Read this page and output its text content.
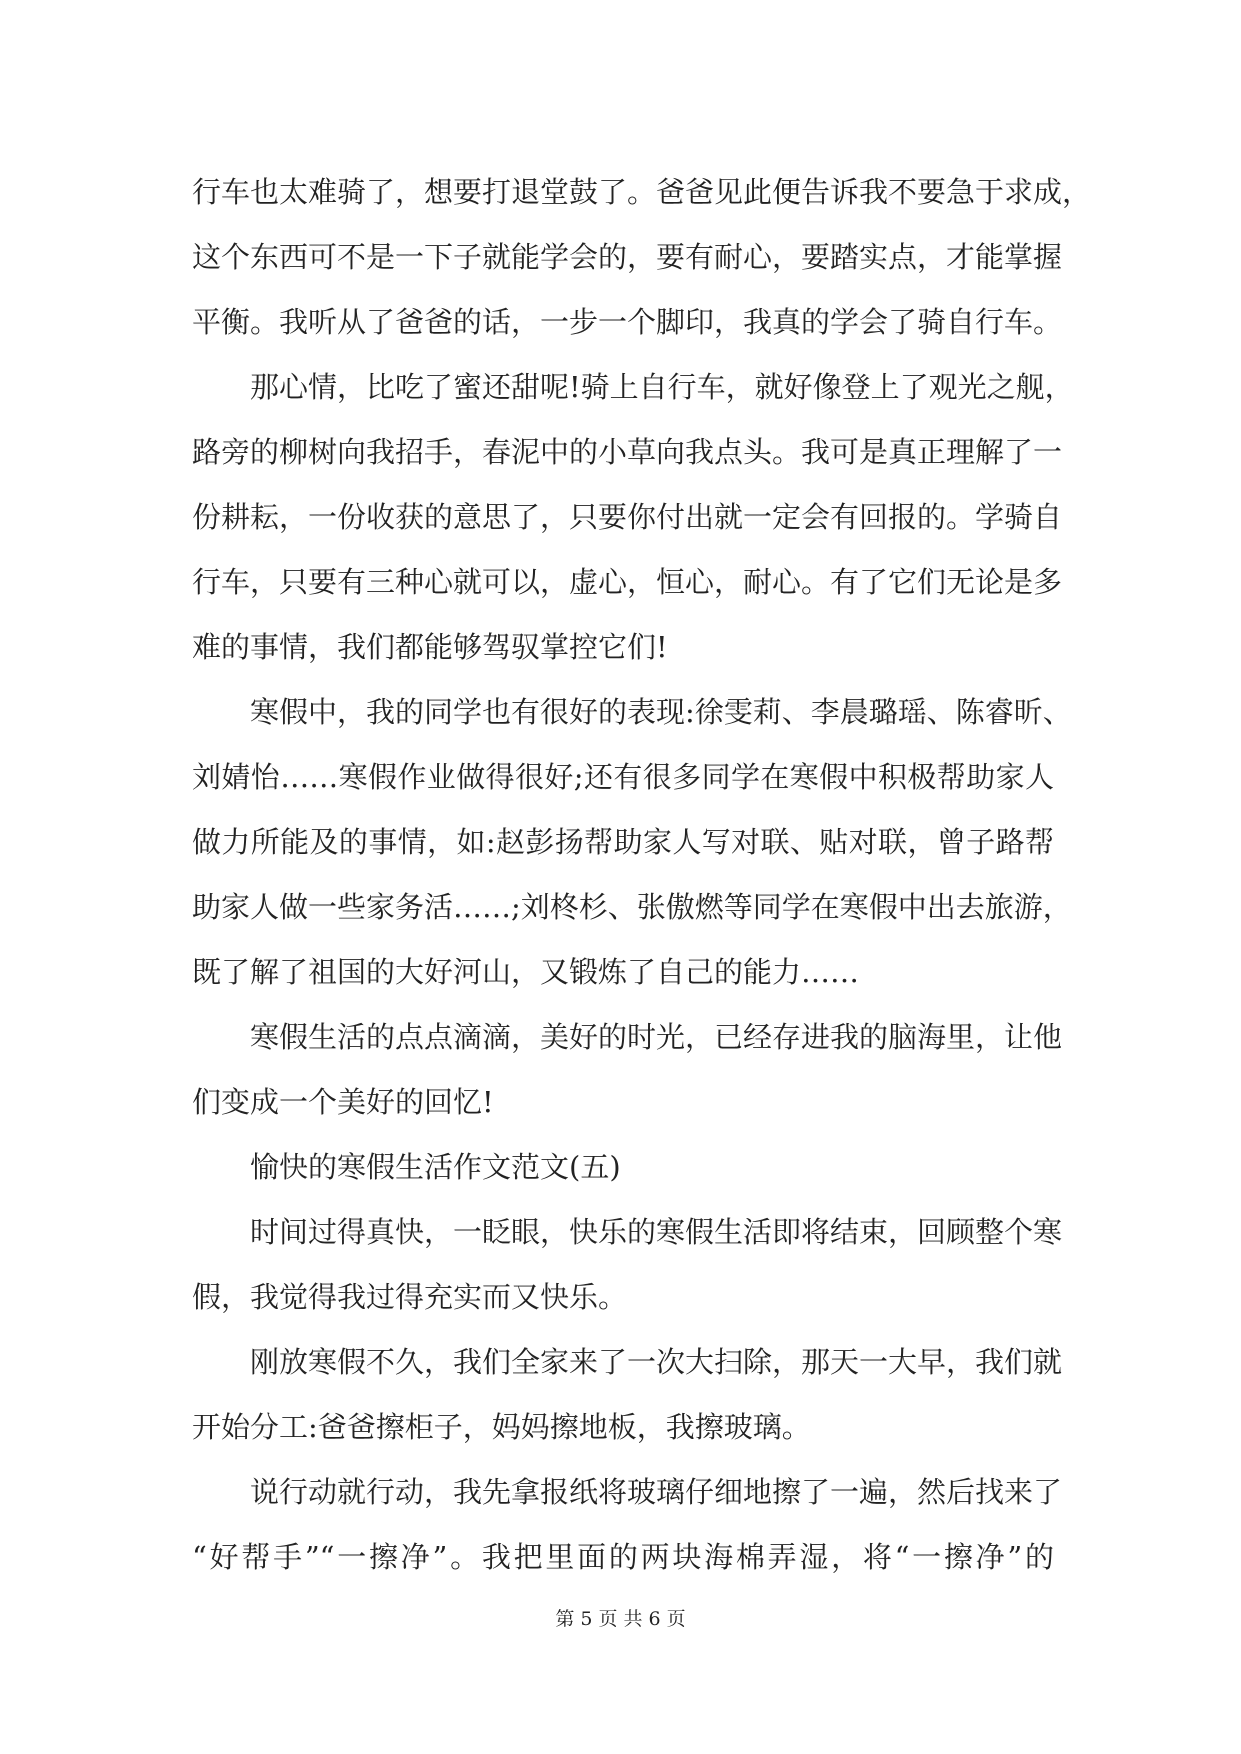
行车也太难骑了，想要打退堂鼓了。爸爸见此便告诉我不要急于求成，
这个东西可不是一下子就能学会的，要有耐心，要踏实点，才能掌握
平衡。我听从了爸爸的话，一步一个脚印，我真的学会了骑自行车。
那心情，比吃了蜜还甜呢!骑上自行车，就好像登上了观光之舰，
路旁的柳树向我招手，春泥中的小草向我点头。我可是真正理解了一
份耕耘，一份收获的意思了，只要你付出就一定会有回报的。学骑自
行车，只要有三种心就可以，虚心，恒心，耐心。有了它们无论是多
难的事情，我们都能够驾驭掌控它们!
寒假中，我的同学也有很好的表现:徐雯莉、李晨璐瑶、陈睿昕、
刘婧怡……寒假作业做得很好;还有很多同学在寒假中积极帮助家人
做力所能及的事情，如:赵彭扬帮助家人写对联、贴对联，曾子路帮
助家人做一些家务活……;刘柊杉、张傲燃等同学在寒假中出去旅游，
既了解了祖国的大好河山，又锻炼了自己的能力……
寒假生活的点点滴滴，美好的时光，已经存进我的脑海里，让他
们变成一个美好的回忆!
愉快的寒假生活作文范文(五)
时间过得真快，一眨眼，快乐的寒假生活即将结束，回顾整个寒
假，我觉得我过得充实而又快乐。
刚放寒假不久，我们全家来了一次大扫除，那天一大早，我们就
开始分工:爸爸擦柜子，妈妈擦地板，我擦玻璃。
说行动就行动，我先拿报纸将玻璃仔细地擦了一遍，然后找来了
“好帮手”“一擦净”。我把里面的两块海棉弄湿，将“一擦净”的
第 5 页 共 6 页
